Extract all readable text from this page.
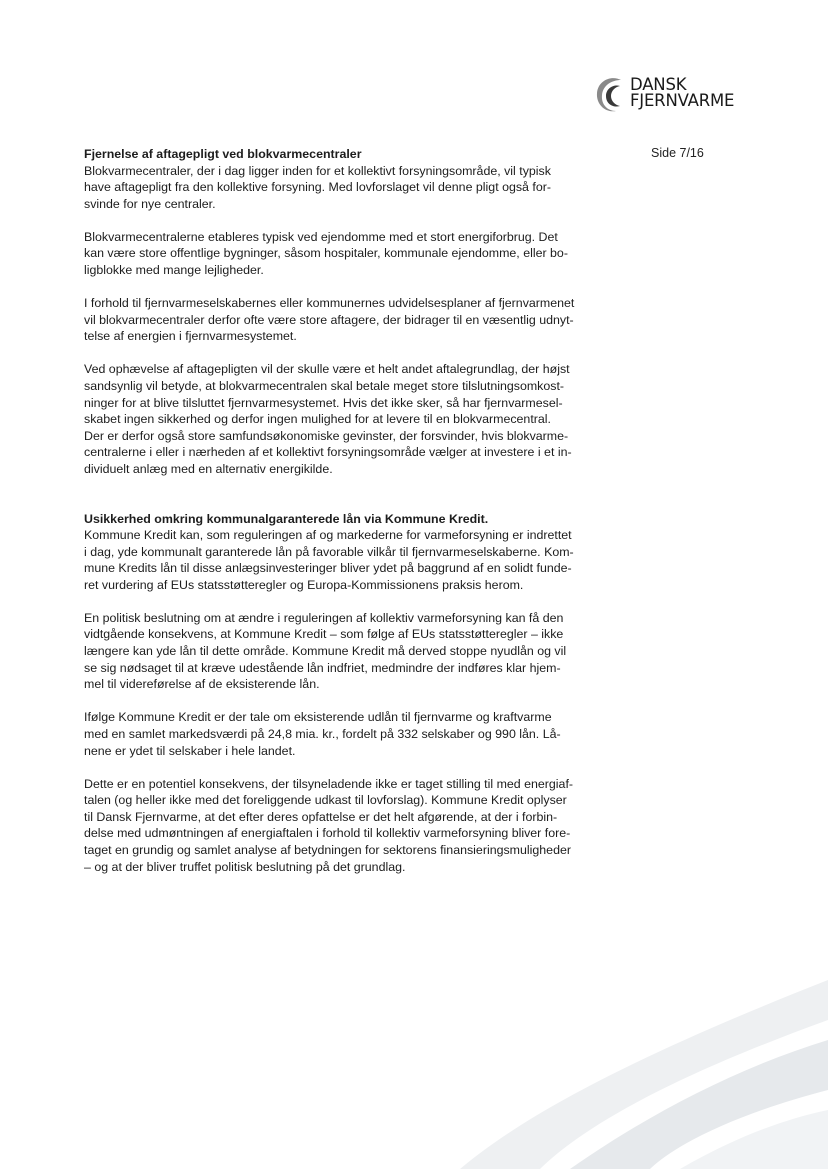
DANSK
FJERNVARME
Side 7/16

Fjernelse af aftagepligt ved blokvarmecentraler

Blokvarmecentraler, der i dag ligger inden for et kollektivt forsyningsområde, vil typisk
have aftagepligt fra den kollektive forsyning. Med lovforslaget vil denne pligt også for-
svinde for nye centraler.

Blokvarmecentralerne etableres typisk ved ejendomme med et stort energiforbrug. Det
kan være store offentlige bygninger, såsom hospitaler, kommunale ejendomme, eller bo-
ligblokke med mange lejligheder.

I forhold til fjernvarmeselskabernes eller kommunernes udvidelsesplaner af fjernvarmenet
vil blokvarmecentraler derfor ofte være store aftagere, der bidrager til en væsentlig udnyt-
telse af energien i fjernvarmesystemet.

Ved ophævelse af aftagepligten vil der skulle være et helt andet aftalegrundlag, der højst
sandsynlig vil betyde, at blokvarmecentralen skal betale meget store tilslutningsomkost-
ninger for at blive tilsluttet fjernvarmesystemet. Hvis det ikke sker, så har fjernvarmesel-
skabet ingen sikkerhed og derfor ingen mulighed for at levere til en blokvarmecentral.
Der er derfor også store samfundsøkonomiske gevinster, der forsvinder, hvis blokvarme-
centralerne i eller i nærheden af et kollektivt forsyningsområde vælger at investere i et in-
dividuelt anlæg med en alternativ energikilde.

Usikkerhed omkring kommunalgaranterede lån via Kommune Kredit.

Kommune Kredit kan, som reguleringen af og markederne for varmeforsyning er indrettet
i dag, yde kommunalt garanterede lån på favorable vilkår til fjernvarmeselskaberne. Kom-
mune Kredits lån til disse anlægsinvesteringer bliver ydet på baggrund af en solidt funde-
ret vurdering af EUs statsstøtteregler og Europa-Kommissionens praksis herom.

En politisk beslutning om at ændre i reguleringen af kollektiv varmeforsyning kan få den
vidtgående konsekvens, at Kommune Kredit – som følge af EUs statsstøtteregler – ikke
længere kan yde lån til dette område. Kommune Kredit må derved stoppe nyudlån og vil
se sig nødsaget til at kræve udestående lån indfriet, medmindre der indføres klar hjem-
mel til videreførelse af de eksisterende lån.

Ifølge Kommune Kredit er der tale om eksisterende udlån til fjernvarme og kraftvarme
med en samlet markedsværdi på 24,8 mia. kr., fordelt på 332 selskaber og 990 lån. Lå-
nene er ydet til selskaber i hele landet.

Dette er en potentiel konsekvens, der tilsyneladende ikke er taget stilling til med energiaf-
talen (og heller ikke med det foreliggende udkast til lovforslag). Kommune Kredit oplyser
til Dansk Fjernvarme, at det efter deres opfattelse er det helt afgørende, at der i forbin-
delse med udmøntningen af energiaftalen i forhold til kollektiv varmeforsyning bliver fore-
taget en grundig og samlet analyse af betydningen for sektorens finansieringsmuligheder
– og at der bliver truffet politisk beslutning på det grundlag.
